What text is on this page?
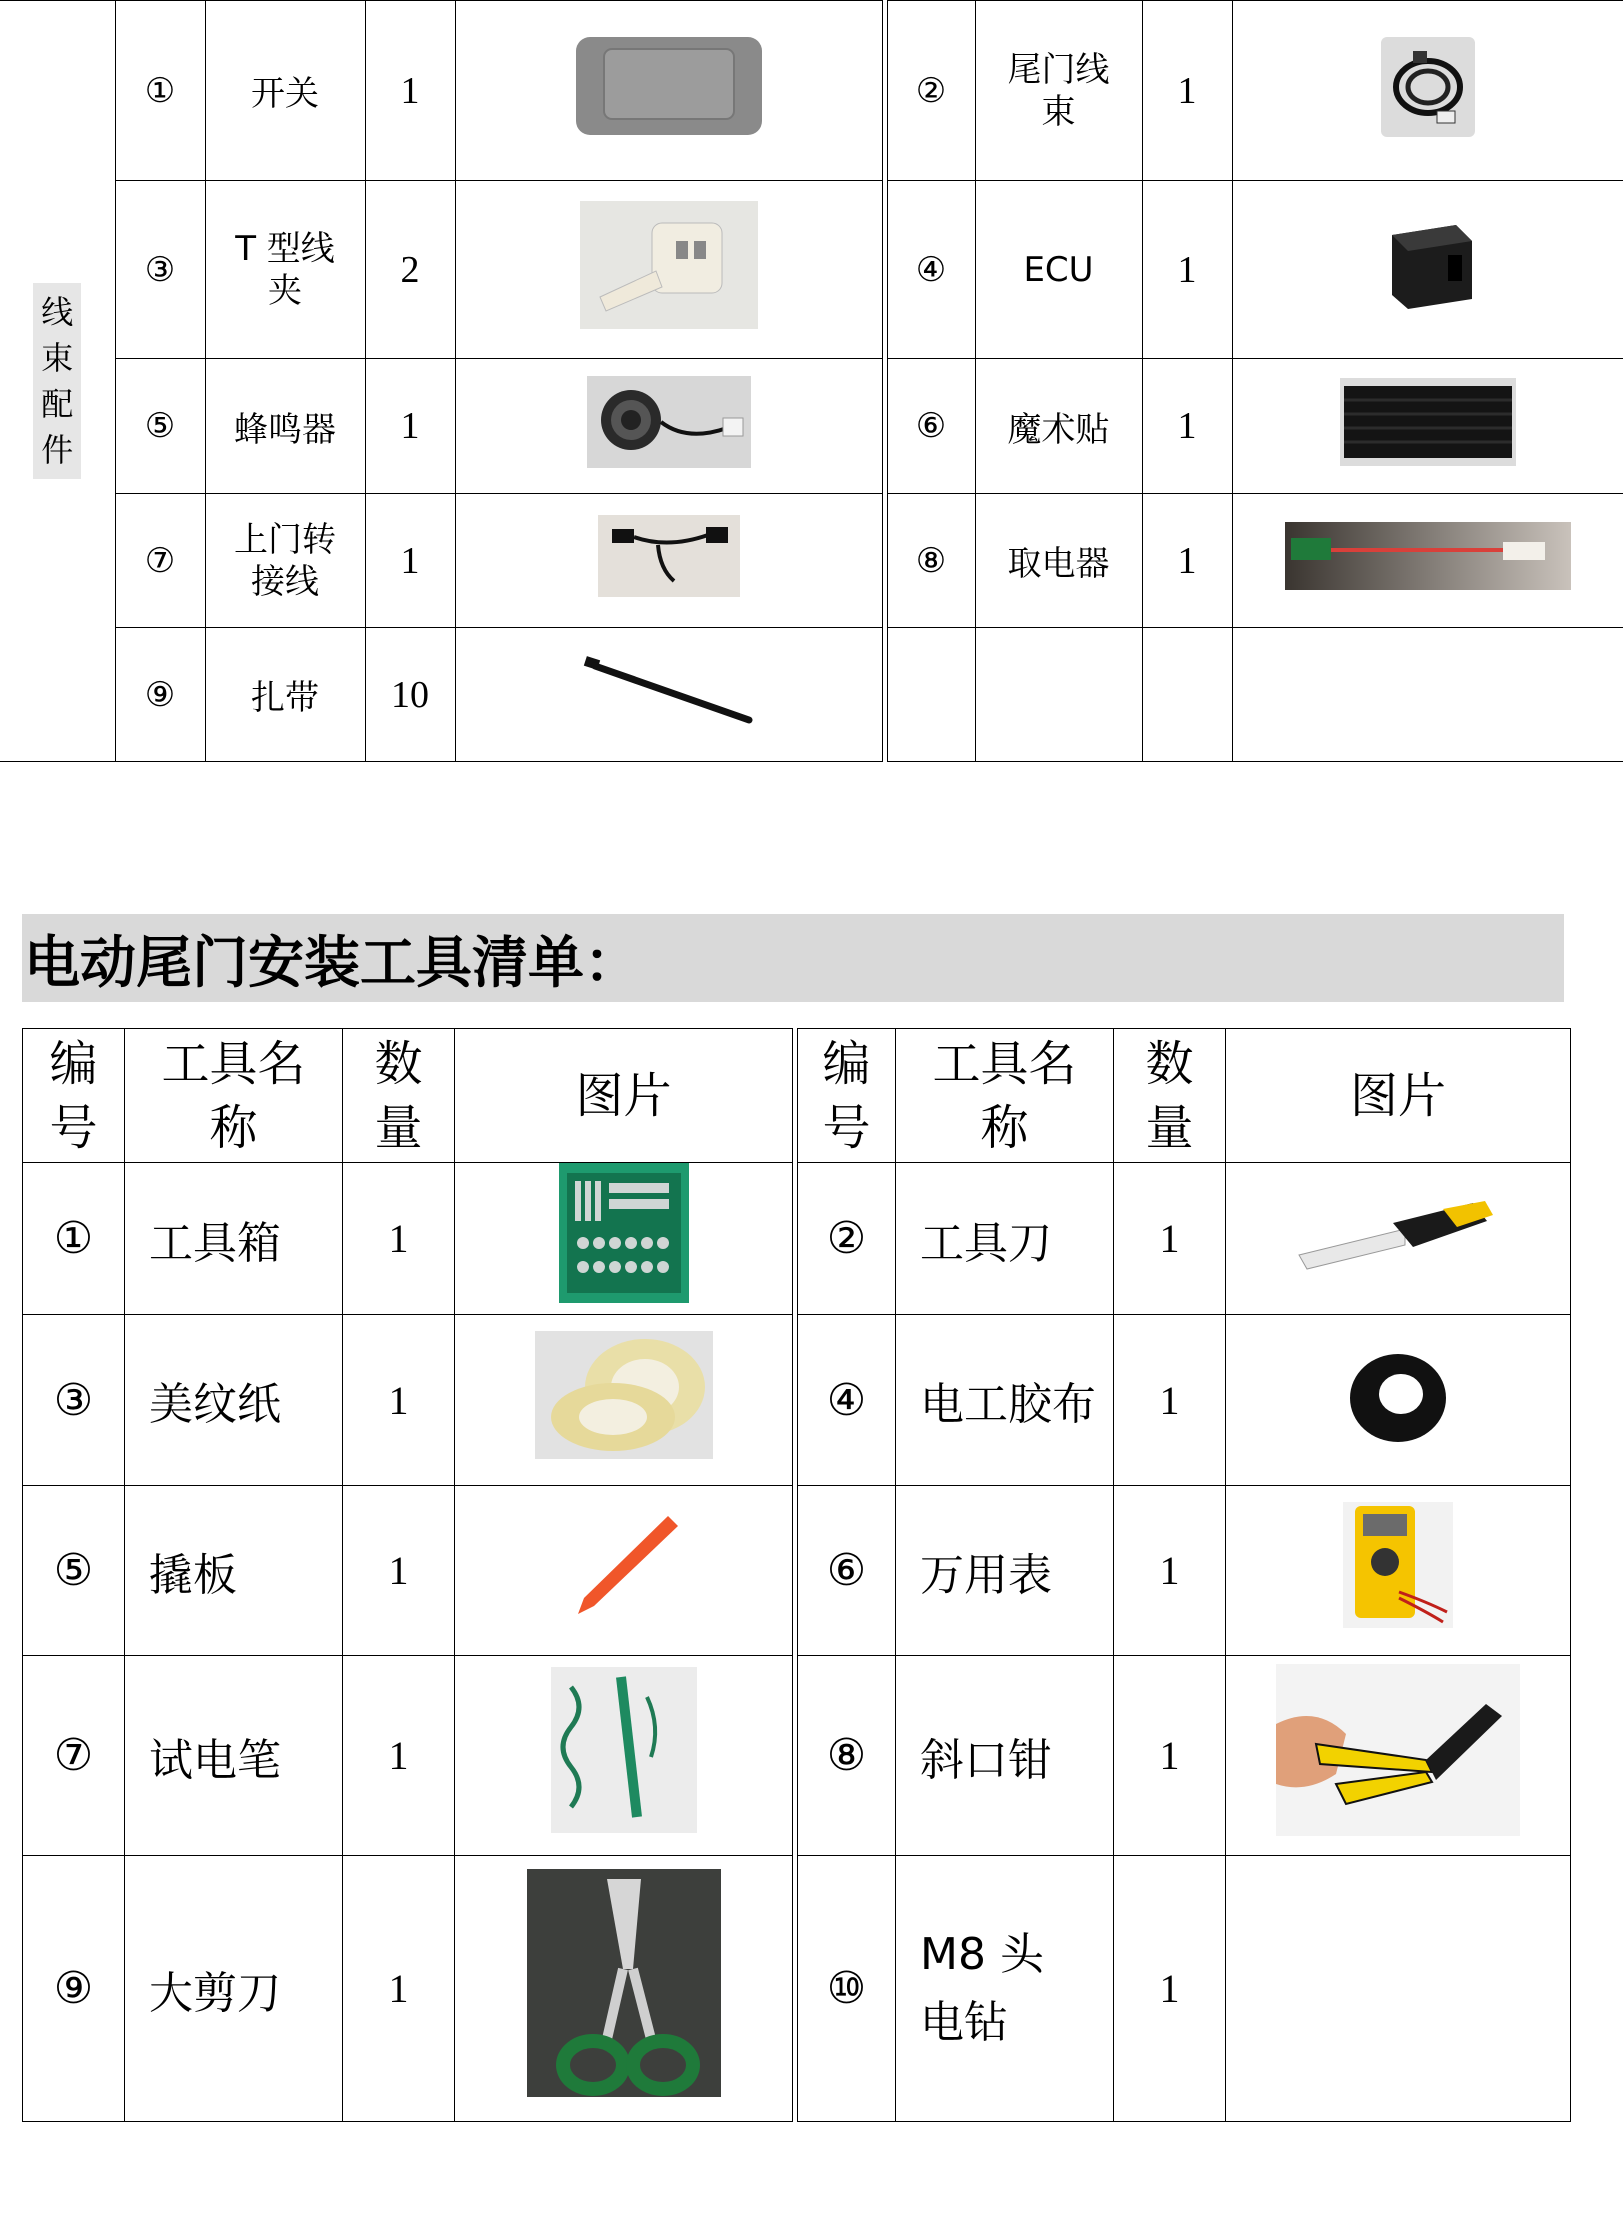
线
束
配
件	①	开关	1			②	尾门线束	1	
	③	T 型线夹	2			④	ECU	1	
	⑤	蜂鸣器	1			⑥	魔术贴	1	
	⑦	上门转接线	1			⑧	取电器	1	
	⑨	扎带	10						
电动尾门安装工具清单：
编号	工具名称	数量	图片		编号	工具名称	数量	图片
①	工具箱	1			②	工具刀	1	
③	美纹纸	1			④	电工胶布	1	
⑤	撬板	1			⑥	万用表	1	
⑦	试电笔	1			⑧	斜口钳	1	
⑨	大剪刀	1			⑩	M8 头电钻	1	
